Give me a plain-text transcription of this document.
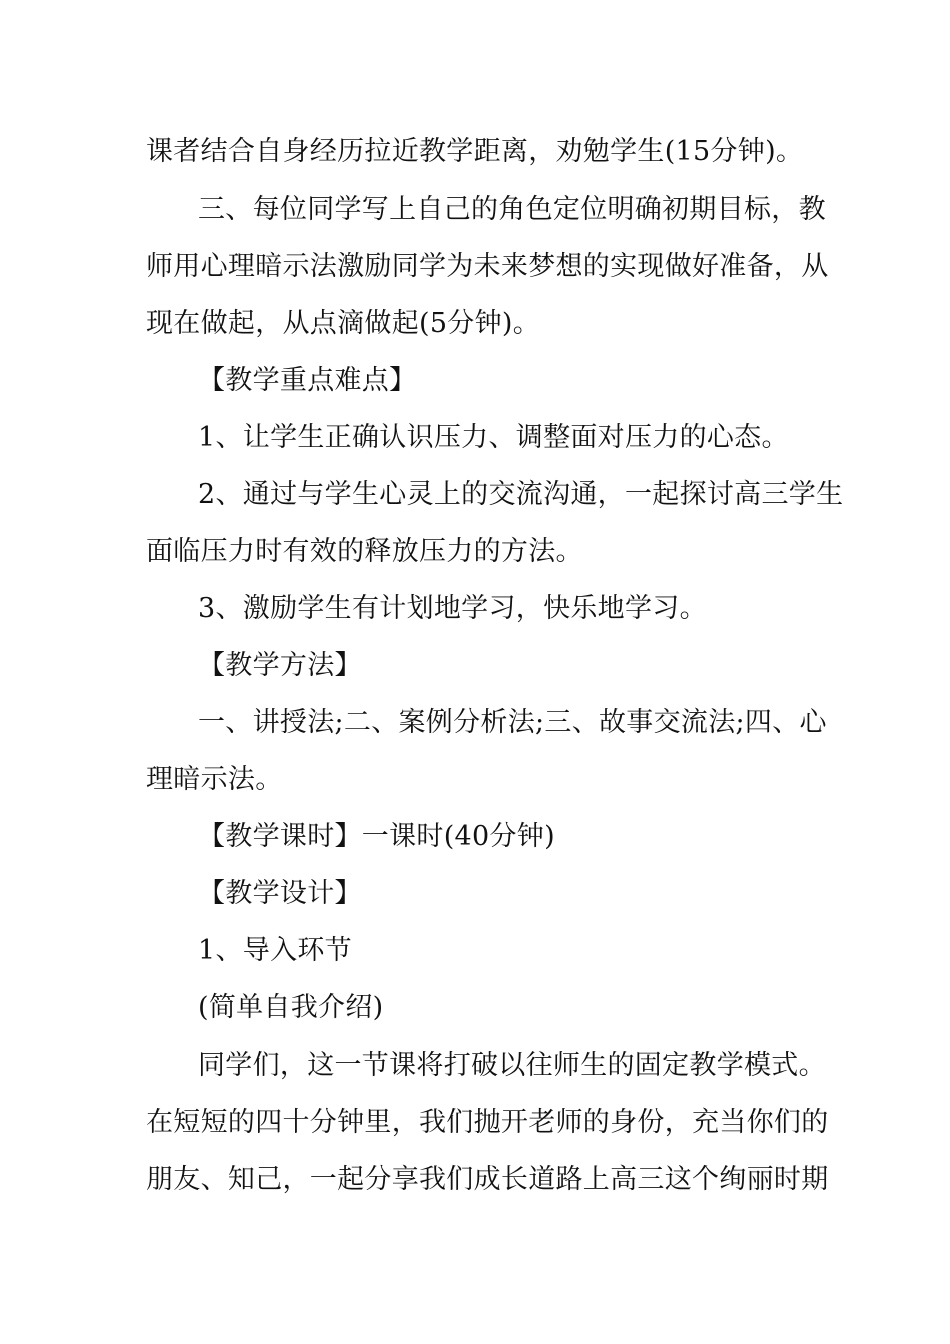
课者结合自身经历拉近教学距离，劝勉学生(15分钟)。
三、每位同学写上自己的角色定位明确初期目标，教
师用心理暗示法激励同学为未来梦想的实现做好准备，从
现在做起，从点滴做起(5分钟)。
【教学重点难点】
1、让学生正确认识压力、调整面对压力的心态。
2、通过与学生心灵上的交流沟通，一起探讨高三学生
面临压力时有效的释放压力的方法。
3、激励学生有计划地学习，快乐地学习。
【教学方法】
一、讲授法;二、案例分析法;三、故事交流法;四、心
理暗示法。
【教学课时】一课时(40分钟)
【教学设计】
1、导入环节
(简单自我介绍)
同学们，这一节课将打破以往师生的固定教学模式。
在短短的四十分钟里，我们抛开老师的身份，充当你们的
朋友、知己，一起分享我们成长道路上高三这个绚丽时期
